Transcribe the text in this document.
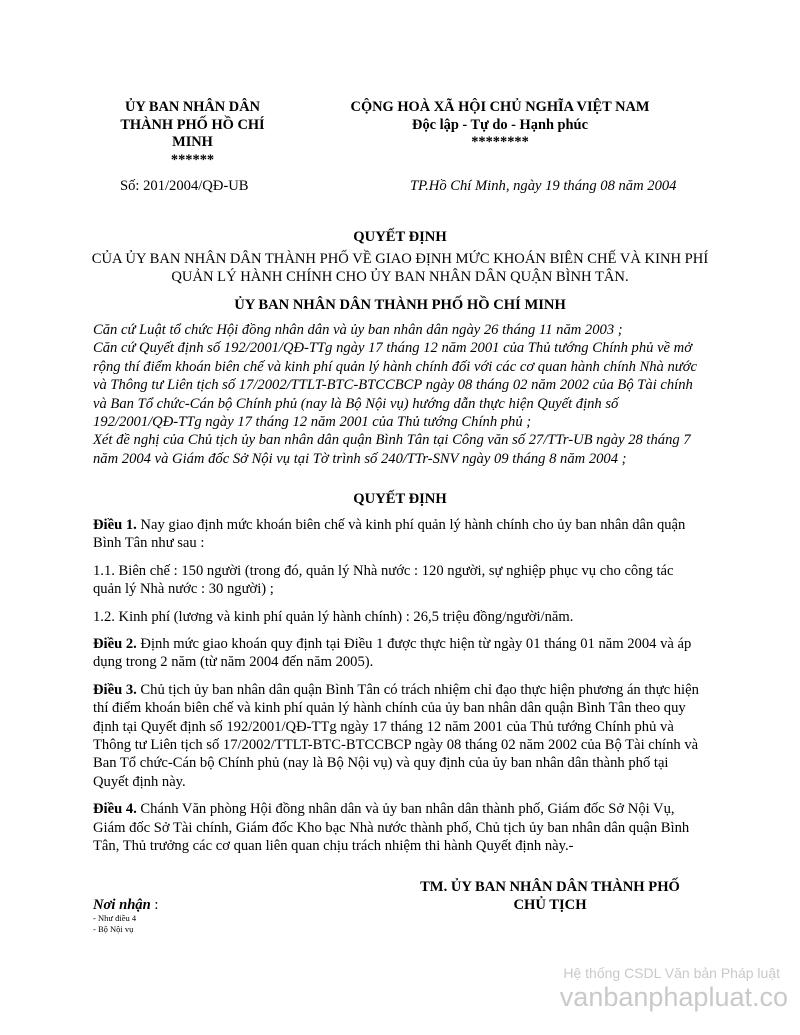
ỦY BAN NHÂN DÂN
THÀNH PHỐ HỒ CHÍ
MINH
******
CỘNG HOÀ XÃ HỘI CHỦ NGHĨA VIỆT NAM
Độc lập - Tự do - Hạnh phúc
********
Số: 201/2004/QĐ-UB	TP.Hồ Chí Minh, ngày 19 tháng 08 năm 2004
QUYẾT ĐỊNH
CỦA ỦY BAN NHÂN DÂN THÀNH PHỐ VỀ GIAO ĐỊNH MỨC KHOÁN BIÊN CHẾ VÀ KINH PHÍ QUẢN LÝ HÀNH CHÍNH CHO ỦY BAN NHÂN DÂN QUẬN BÌNH TÂN.
ỦY BAN NHÂN DÂN THÀNH PHỐ HỒ CHÍ MINH

Căn cứ Luật tổ chức Hội đồng nhân dân và ủy ban nhân dân ngày 26 tháng 11 năm 2003 ;

Căn cứ Quyết định số 192/2001/QĐ-TTg ngày 17 tháng 12 năm 2001 của Thủ tướng Chính phủ về mở rộng thí điểm khoán biên chế và kinh phí quản lý hành chính đối với các cơ quan hành chính Nhà nước và Thông tư Liên tịch số 17/2002/TTLT-BTC-BTCCBCP ngày 08 tháng 02 năm 2002 của Bộ Tài chính và Ban Tổ chức-Cán bộ Chính phủ (nay là Bộ Nội vụ) hướng dẫn thực hiện Quyết định số 192/2001/QĐ-TTg ngày 17 tháng 12 năm 2001 của Thủ tướng Chính phủ ;

Xét đề nghị của Chủ tịch ủy ban nhân dân quận Bình Tân tại Công văn số 27/TTr-UB ngày 28 tháng 7 năm 2004 và Giám đốc Sở Nội vụ tại Tờ trình số 240/TTr-SNV ngày 09 tháng 8 năm 2004 ;

QUYẾT ĐỊNH

Điều 1. Nay giao định mức khoán biên chế và kinh phí quản lý hành chính cho ủy ban nhân dân quận Bình Tân như sau :

1.1. Biên chế : 150 người (trong đó, quản lý Nhà nước : 120 người, sự nghiệp phục vụ cho công tác quản lý Nhà nước : 30 người) ;

1.2. Kinh phí (lương và kinh phí quản lý hành chính) : 26,5 triệu đồng/người/năm.

Điều 2. Định mức giao khoán quy định tại Điều 1 được thực hiện từ ngày 01 tháng 01 năm 2004 và áp dụng trong 2 năm (từ năm 2004 đến năm 2005).

Điều 3. Chủ tịch ủy ban nhân dân quận Bình Tân có trách nhiệm chỉ đạo thực hiện phương án thực hiện thí điểm khoán biên chế và kinh phí quản lý hành chính của ủy ban nhân dân quận Bình Tân theo quy định tại Quyết định số 192/2001/QĐ-TTg ngày 17 tháng 12 năm 2001 của Thủ tướng Chính phủ và Thông tư Liên tịch số 17/2002/TTLT-BTC-BTCCBCP ngày 08 tháng 02 năm 2002 của Bộ Tài chính và Ban Tổ chức-Cán bộ Chính phủ (nay là Bộ Nội vụ) và quy định của ủy ban nhân dân thành phố tại Quyết định này.

Điều 4. Chánh Văn phòng Hội đồng nhân dân và ủy ban nhân dân thành phố, Giám đốc Sở Nội Vụ, Giám đốc Sở Tài chính, Giám đốc Kho bạc Nhà nước thành phố, Chủ tịch ủy ban nhân dân quận Bình Tân, Thủ trưởng các cơ quan liên quan chịu trách nhiệm thi hành Quyết định này.-

TM. ỦY BAN NHÂN DÂN THÀNH PHỐ
CHỦ TỊCH
Nơi nhận :
- Như điều 4
- Bộ Nội vụ
Hệ thống CSDL Văn bản Pháp luật
vanbanphapluat.co
